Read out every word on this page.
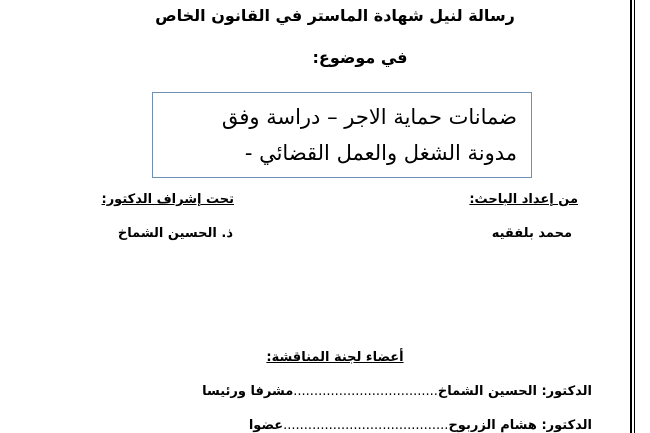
رسالة لنيل شهادة الماستر في القانون الخاص
في موضوع:
ضمانات حماية الاجر – دراسة وفق
مدونة الشغل والعمل القضائي -
من إعداد الباحث:
محمد بلفقيه
تحت إشراف الدكتور:
ذ. الحسين الشماخ
أعضاء لجنة المناقشة:
الدكتور: الحسين الشماخ...................................مشرفا ورئيسا
الدكتور: هشام الزربوح........................................عضوا
